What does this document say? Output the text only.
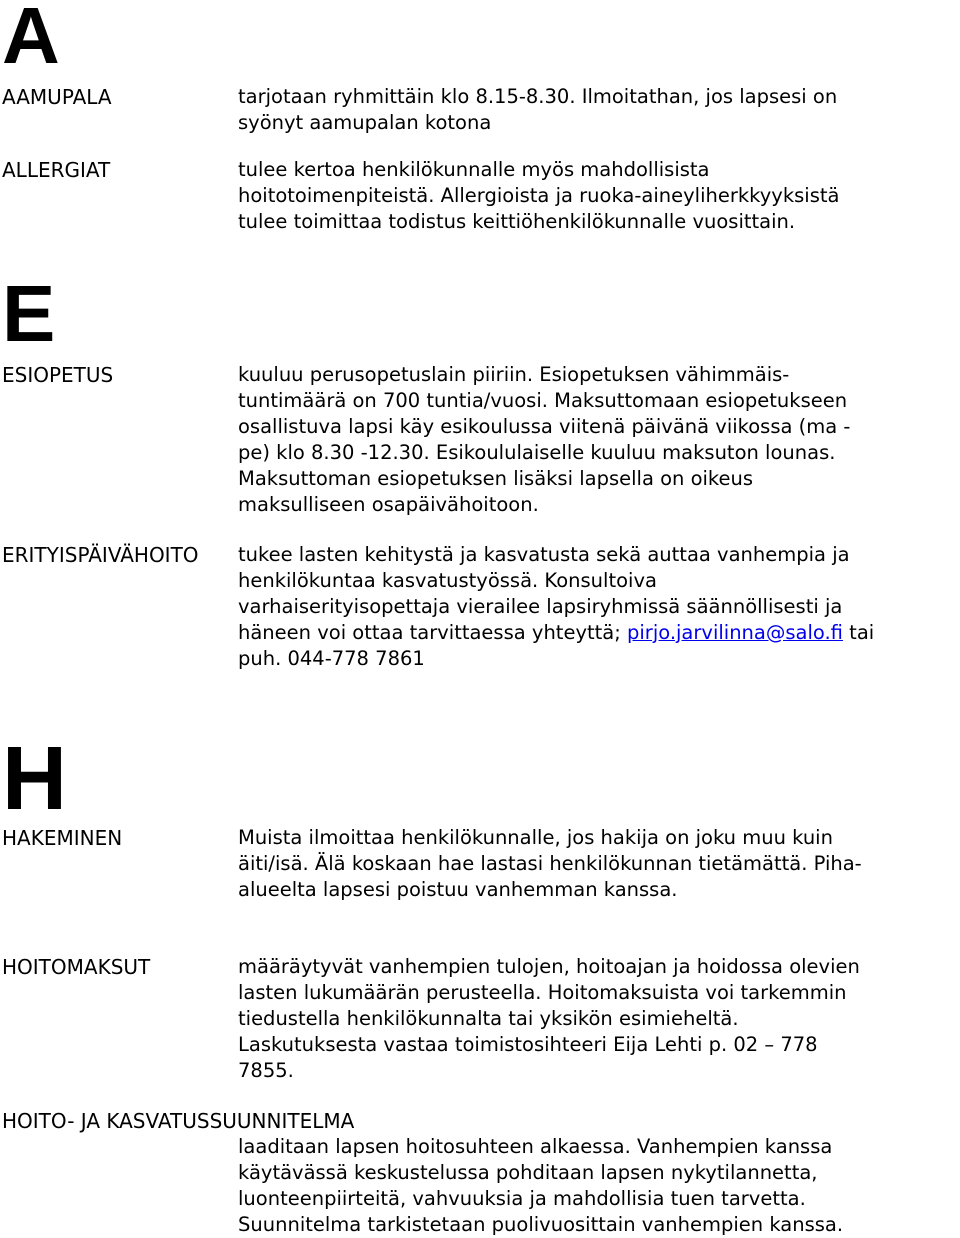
A
AAMUPALA	tarjotaan ryhmittäin klo 8.15-8.30. Ilmoitathan, jos lapsesi on
syönyt aamupalan kotona
ALLERGIAT	tulee kertoa henkilökunnalle myös mahdollisista
hoitotoimenpiteistä. Allergioista ja ruoka-aineyliherkkyyksistä
tulee toimittaa todistus keittiöhenkilökunnalle vuosittain.
E
ESIOPETUS	kuuluu perusopetuslain piiriin. Esiopetuksen vähimmäis-
tuntimäärä on 700 tuntia/vuosi. Maksuttomaan esiopetukseen
osallistuva lapsi käy esikoulussa viitenä päivänä viikossa (ma -
pe) klo 8.30 -12.30. Esikoululaiselle kuuluu maksuton lounas.
Maksuttoman esiopetuksen lisäksi lapsella on oikeus
maksulliseen osapäivähoitoon.
ERITYISPÄIVÄHOITO tukee lasten kehitystä ja kasvatusta sekä auttaa vanhempia ja
henkilökuntaa kasvatustyössä. Konsultoiva
varhaiserityisopettaja vierailee lapsiryhmissä säännöllisesti ja
häneen voi ottaa tarvittaessa yhteyttä; pirjo.jarvilinna@salo.fi tai
puh. 044-778 7861
H
HAKEMINEN	Muista ilmoittaa henkilökunnalle, jos hakija on joku muu kuin
äiti/isä. Älä koskaan hae lastasi henkilökunnan tietämättä. Piha-
alueelta lapsesi poistuu vanhemman kanssa.
HOITOMAKSUT	määräytyvät vanhempien tulojen, hoitoajan ja hoidossa olevien
lasten lukumäärän perusteella. Hoitomaksuista voi tarkemmin
tiedustella henkilökunnalta tai yksikön esimieheltä.
Laskutuksesta vastaa toimistosihteeri Eija Lehti p. 02 – 778
7855.
HOITO- JA KASVATUSSUUNNITELMA
laaditaan lapsen hoitosuhteen alkaessa. Vanhempien kanssa
käytävässä keskustelussa pohditaan lapsen nykytilannetta,
luonteenpiirteitä, vahvuuksia ja mahdollisia tuen tarvetta.
Suunnitelma tarkistetaan puolivuosittain vanhempien kanssa.
